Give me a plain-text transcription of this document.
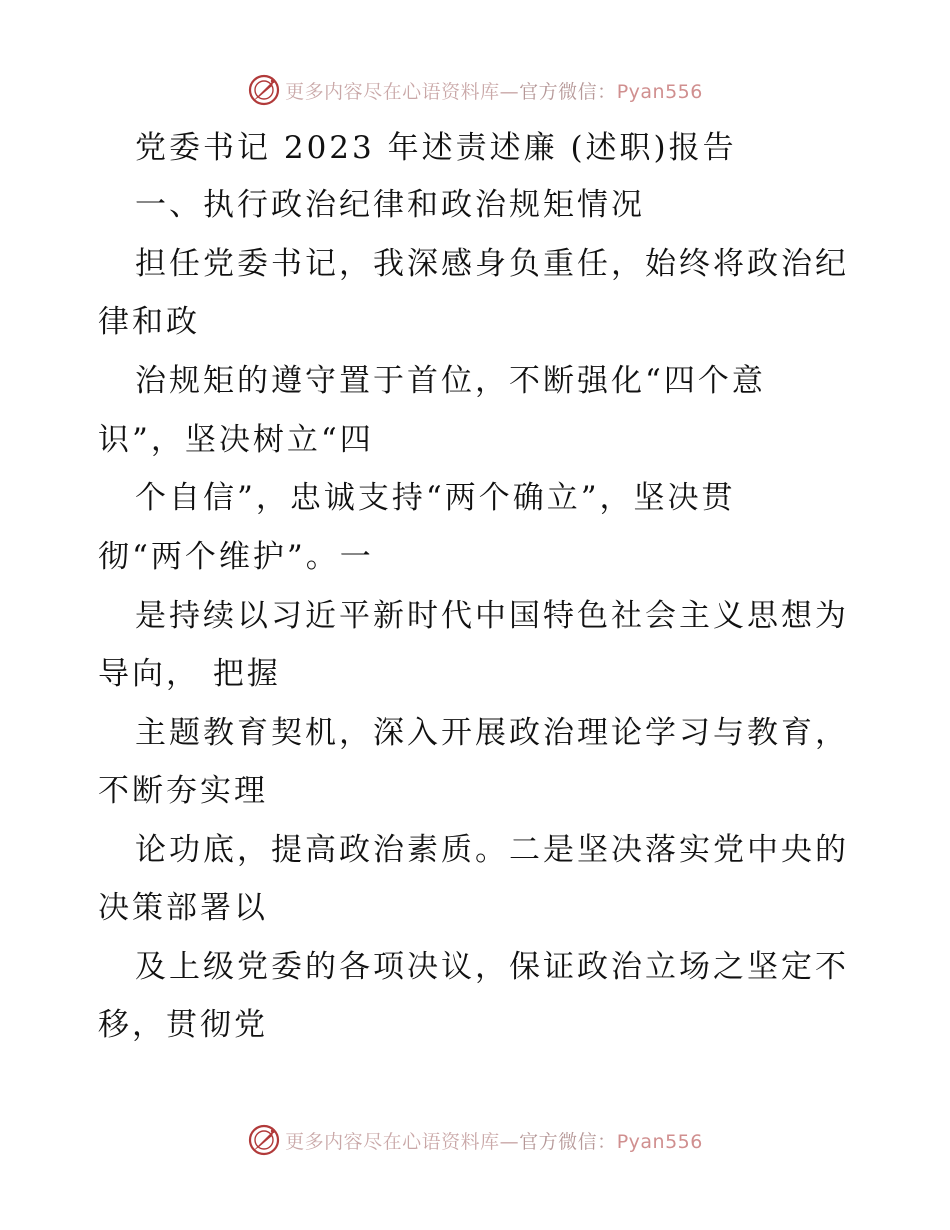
更多内容尽在心语资料库—官方微信：Pyan556
党委书记 2023 年述责述廉 (述职)报告
一、执行政治纪律和政治规矩情况
担任党委书记，我深感身负重任，始终将政治纪
律和政
治规矩的遵守置于首位，不断强化“四个意
识”，坚决树立“四
个自信”，忠诚支持“两个确立”，坚决贯
彻“两个维护”。一
是持续以习近平新时代中国特色社会主义思想为
导向， 把握
主题教育契机，深入开展政治理论学习与教育，
不断夯实理
论功底，提高政治素质。二是坚决落实党中央的
决策部署以
及上级党委的各项决议，保证政治立场之坚定不
移，贯彻党
更多内容尽在心语资料库—官方微信：Pyan556
